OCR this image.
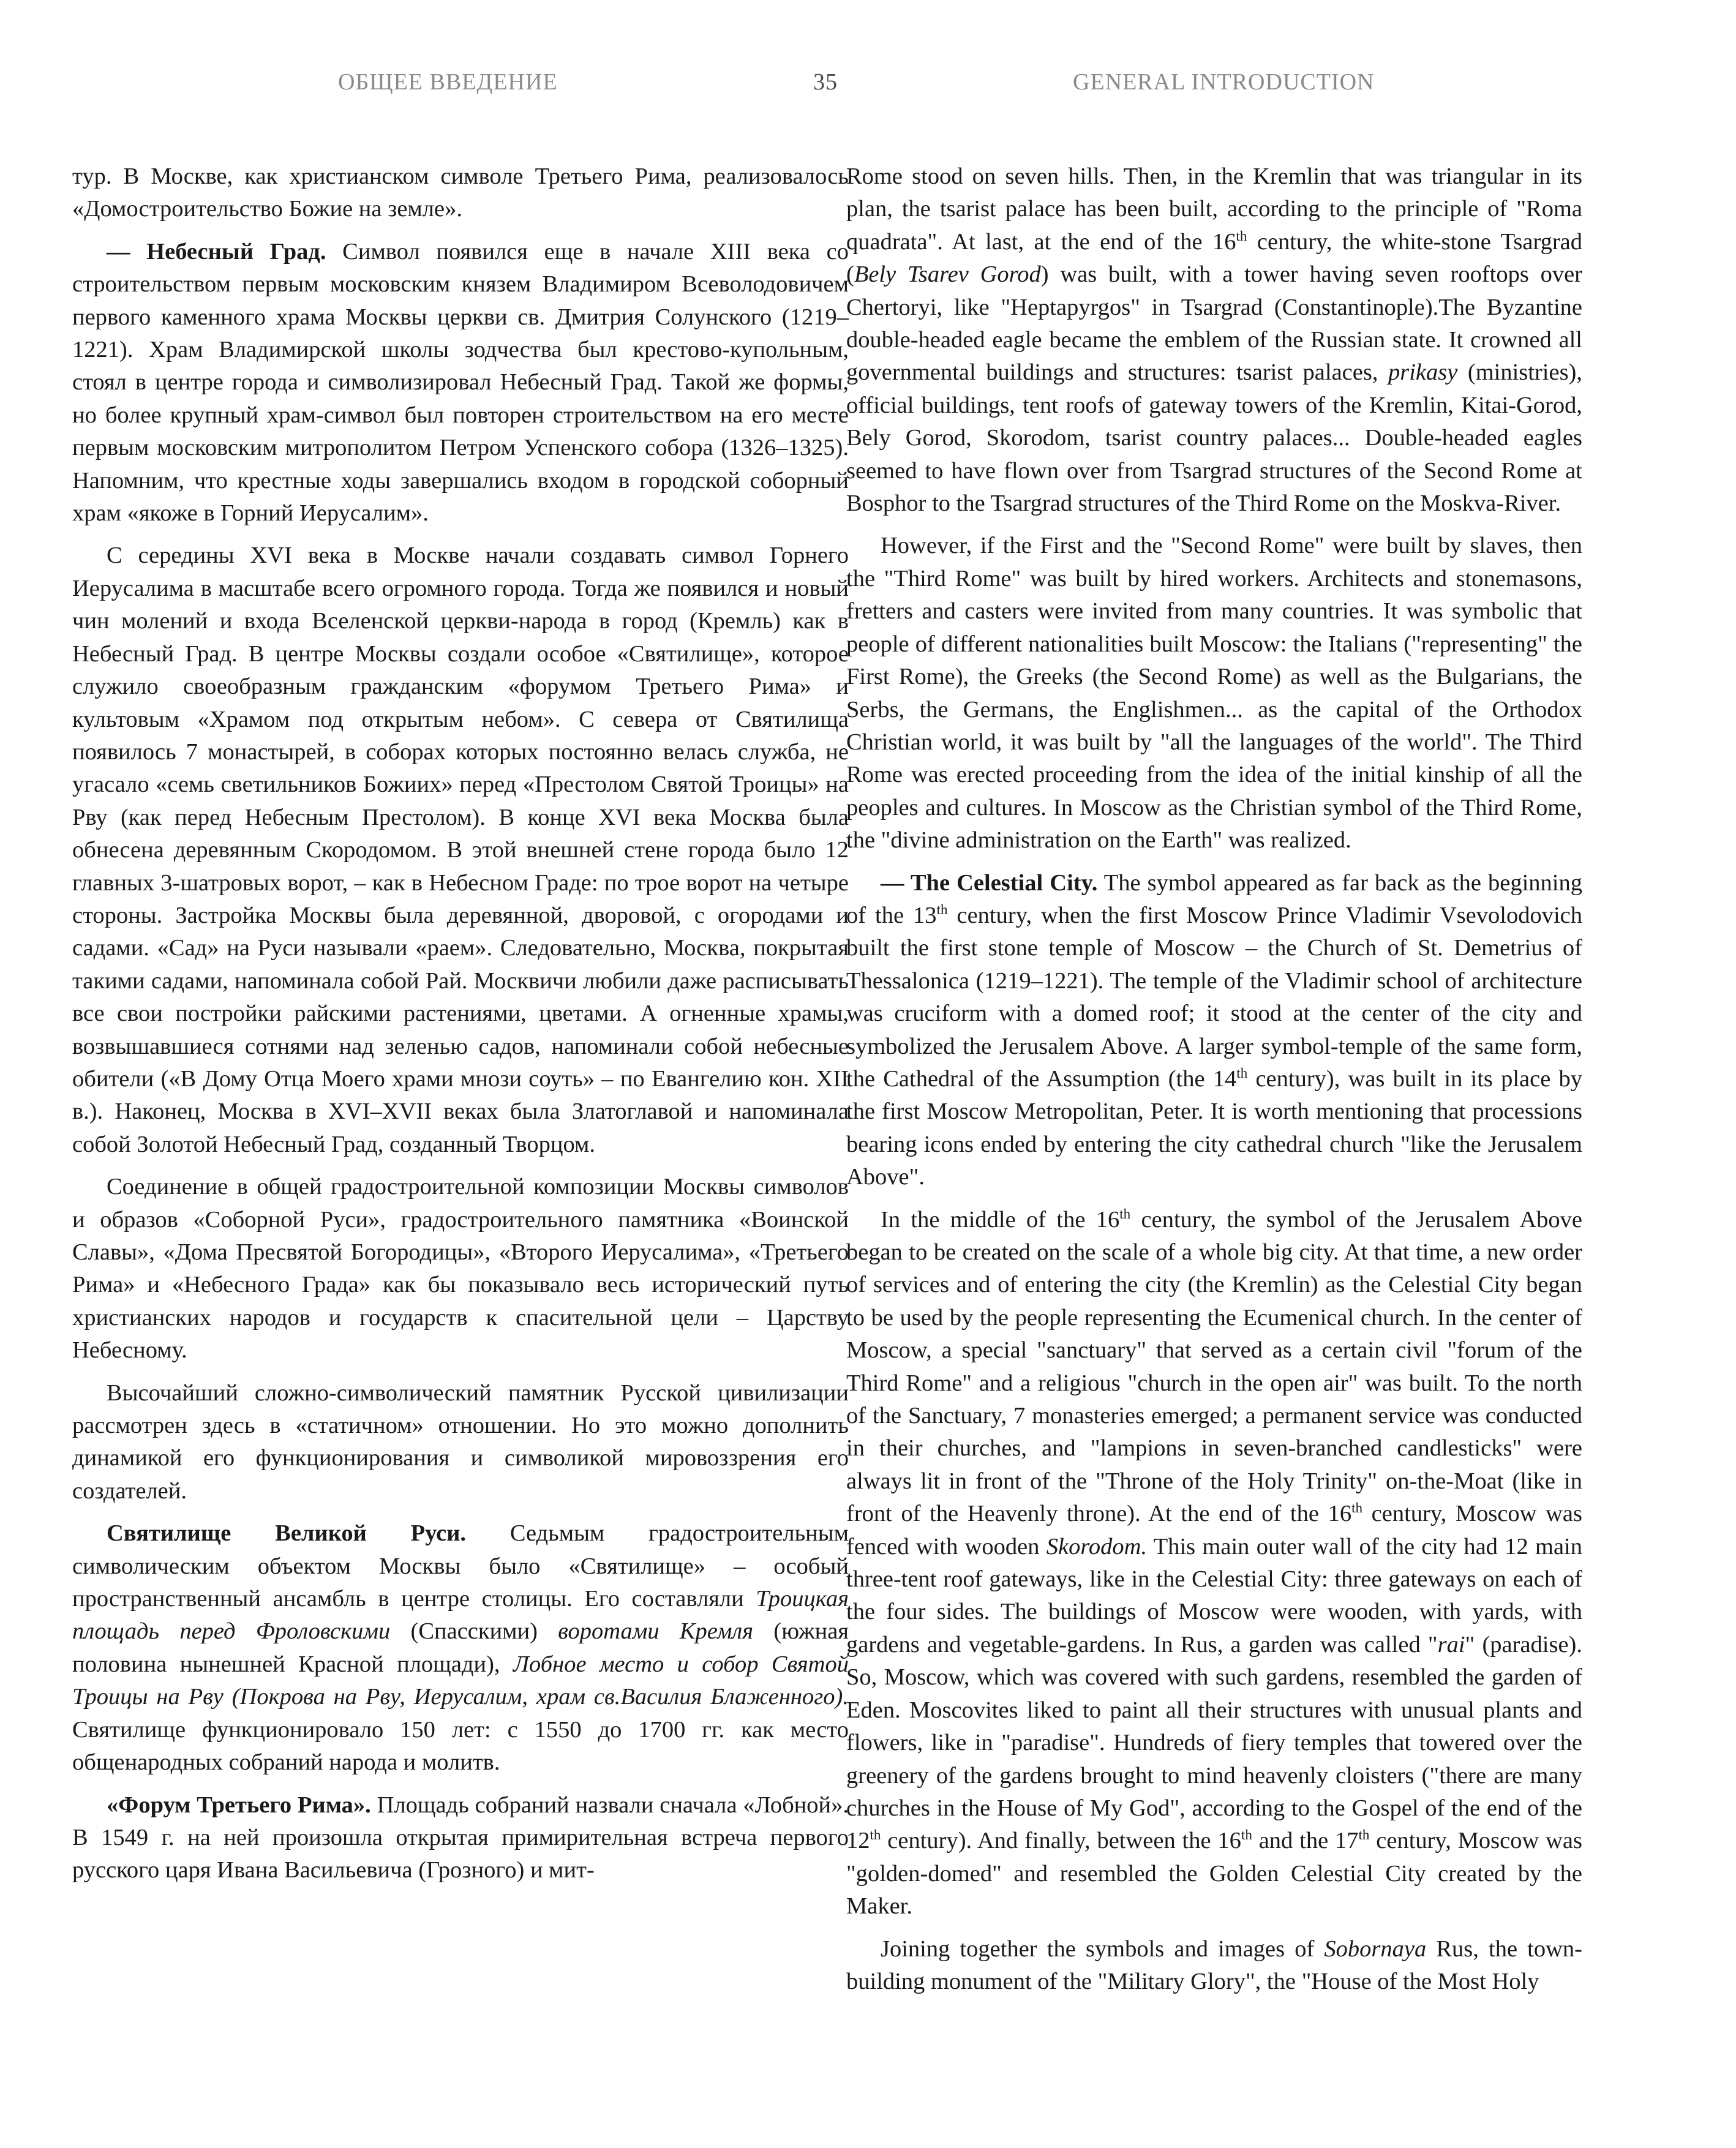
ОБЩЕЕ ВВЕДЕНИЕ	35	GENERAL INTRODUCTION

тур. В Москве, как христианском символе Третьего Рима, реализовалось «Домостроительство Божие на земле».

— Небесный Град. Символ появился еще в начале XIII века со строительством первым московским князем Владимиром Всеволодовичем первого каменного храма Москвы церкви св. Дмитрия Солунского (1219–1221). Храм Владимирской школы зодчества был крестово-купольным, стоял в центре города и символизировал Небесный Град. Такой же формы, но более крупный храм-символ был повторен строительством на его месте первым московским митрополитом Петром Успенского собора (1326–1325). Напомним, что крестные ходы завершались входом в городской соборный храм «якоже в Горний Иерусалим».

С середины XVI века в Москве начали создавать символ Горнего Иерусалима в масштабе всего огромного города. Тогда же появился и новый чин молений и входа Вселенской церкви-народа в город (Кремль) как в Небесный Град. В центре Москвы создали особое «Святилище», которое служило своеобразным гражданским «форумом Третьего Рима» и культовым «Храмом под открытым небом». С севера от Святилища появилось 7 монастырей, в соборах которых постоянно велась служба, не угасало «семь светильников Божиих» перед «Престолом Святой Троицы» на Рву (как перед Небесным Престолом). В конце XVI века Москва была обнесена деревянным Скородомом. В этой внешней стене города было 12 главных 3-шатровых ворот, – как в Небесном Граде: по трое ворот на четыре стороны. Застройка Москвы была деревянной, дворовой, с огородами и садами. «Сад» на Руси называли «раем». Следовательно, Москва, покрытая такими садами, напоминала собой Рай. Москвичи любили даже расписывать все свои постройки райскими растениями, цветами. А огненные храмы, возвышавшиеся сотнями над зеленью садов, напоминали собой небесные обители («В Дому Отца Моего храми мнози соуть» – по Евангелию кон. XII в.). Наконец, Москва в XVI–XVII веках была Златоглавой и напоминала собой Золотой Небесный Град, созданный Творцом.

Соединение в общей градостроительной композиции Москвы символов и образов «Соборной Руси», градостроительного памятника «Воинской Славы», «Дома Пресвятой Богородицы», «Второго Иерусалима», «Третьего Рима» и «Небесного Града» как бы показывало весь исторический путь христианских народов и государств к спасительной цели – Царству Небесному.

Высочайший сложно-символический памятник Русской цивилизации рассмотрен здесь в «статичном» отношении. Но это можно дополнить динамикой его функционирования и символикой мировоззрения его создателей.

Святилище Великой Руси. Седьмым градостроительным символическим объектом Москвы было «Святилище» – особый пространственный ансамбль в центре столицы. Его составляли Троицкая площадь перед Фроловскими (Спасскими) воротами Кремля (южная половина нынешней Красной площади), Лобное место и собор Святой Троицы на Рву (Покрова на Рву, Иерусалим, храм св.Василия Блаженного). Святилище функционировало 150 лет: с 1550 до 1700 гг. как место общенародных собраний народа и молитв.

«Форум Третьего Рима». Площадь собраний назвали сначала «Лобной». В 1549 г. на ней произошла открытая примирительная встреча первого русского царя Ивана Васильевича (Грозного) и мит-

Rome stood on seven hills. Then, in the Kremlin that was triangular in its plan, the tsarist palace has been built, according to the principle of "Roma quadrata". At last, at the end of the 16th century, the white-stone Tsargrad (Bely Tsarev Gorod) was built, with a tower having seven rooftops over Chertoryi, like "Heptapyrgos" in Tsargrad (Constantinople).The Byzantine double-headed eagle became the emblem of the Russian state. It crowned all governmental buildings and structures: tsarist palaces, prikasy (ministries), official buildings, tent roofs of gateway towers of the Kremlin, Kitai-Gorod, Bely Gorod, Skorodom, tsarist country palaces... Double-headed eagles seemed to have flown over from Tsargrad structures of the Second Rome at Bosphor to the Tsargrad structures of the Third Rome on the Moskva-River.

However, if the First and the "Second Rome" were built by slaves, then the "Third Rome" was built by hired workers. Architects and stonemasons, fretters and casters were invited from many countries. It was symbolic that people of different nationalities built Moscow: the Italians ("representing" the First Rome), the Greeks (the Second Rome) as well as the Bulgarians, the Serbs, the Germans, the Englishmen... as the capital of the Orthodox Christian world, it was built by "all the languages of the world". The Third Rome was erected proceeding from the idea of the initial kinship of all the peoples and cultures. In Moscow as the Christian symbol of the Third Rome, the "divine administration on the Earth" was realized.

— The Celestial City. The symbol appeared as far back as the beginning of the 13th century, when the first Moscow Prince Vladimir Vsevolodovich built the first stone temple of Moscow – the Church of St. Demetrius of Thessalonica (1219–1221). The temple of the Vladimir school of architecture was cruciform with a domed roof; it stood at the center of the city and symbolized the Jerusalem Above. A larger symbol-temple of the same form, the Cathedral of the Assumption (the 14th century), was built in its place by the first Moscow Metropolitan, Peter. It is worth mentioning that processions bearing icons ended by entering the city cathedral church "like the Jerusalem Above".

In the middle of the 16th century, the symbol of the Jerusalem Above began to be created on the scale of a whole big city. At that time, a new order of services and of entering the city (the Kremlin) as the Celestial City began to be used by the people representing the Ecumenical church. In the center of Moscow, a special "sanctuary" that served as a certain civil "forum of the Third Rome" and a religious "church in the open air" was built. To the north of the Sanctuary, 7 monasteries emerged; a permanent service was conducted in their churches, and "lampions in seven-branched candlesticks" were always lit in front of the "Throne of the Holy Trinity" on-the-Moat (like in front of the Heavenly throne). At the end of the 16th century, Moscow was fenced with wooden Skorodom. This main outer wall of the city had 12 main three-tent roof gateways, like in the Celestial City: three gateways on each of the four sides. The buildings of Moscow were wooden, with yards, with gardens and vegetable-gardens. In Rus, a garden was called "rai" (paradise). So, Moscow, which was covered with such gardens, resembled the garden of Eden. Moscovites liked to paint all their structures with unusual plants and flowers, like in "paradise". Hundreds of fiery temples that towered over the greenery of the gardens brought to mind heavenly cloisters ("there are many churches in the House of My God", according to the Gospel of the end of the 12th century). And finally, between the 16th and the 17th century, Moscow was "golden-domed" and resembled the Golden Celestial City created by the Maker.

Joining together the symbols and images of Sobornaya Rus, the town-building monument of the "Military Glory", the "House of the Most Holy
